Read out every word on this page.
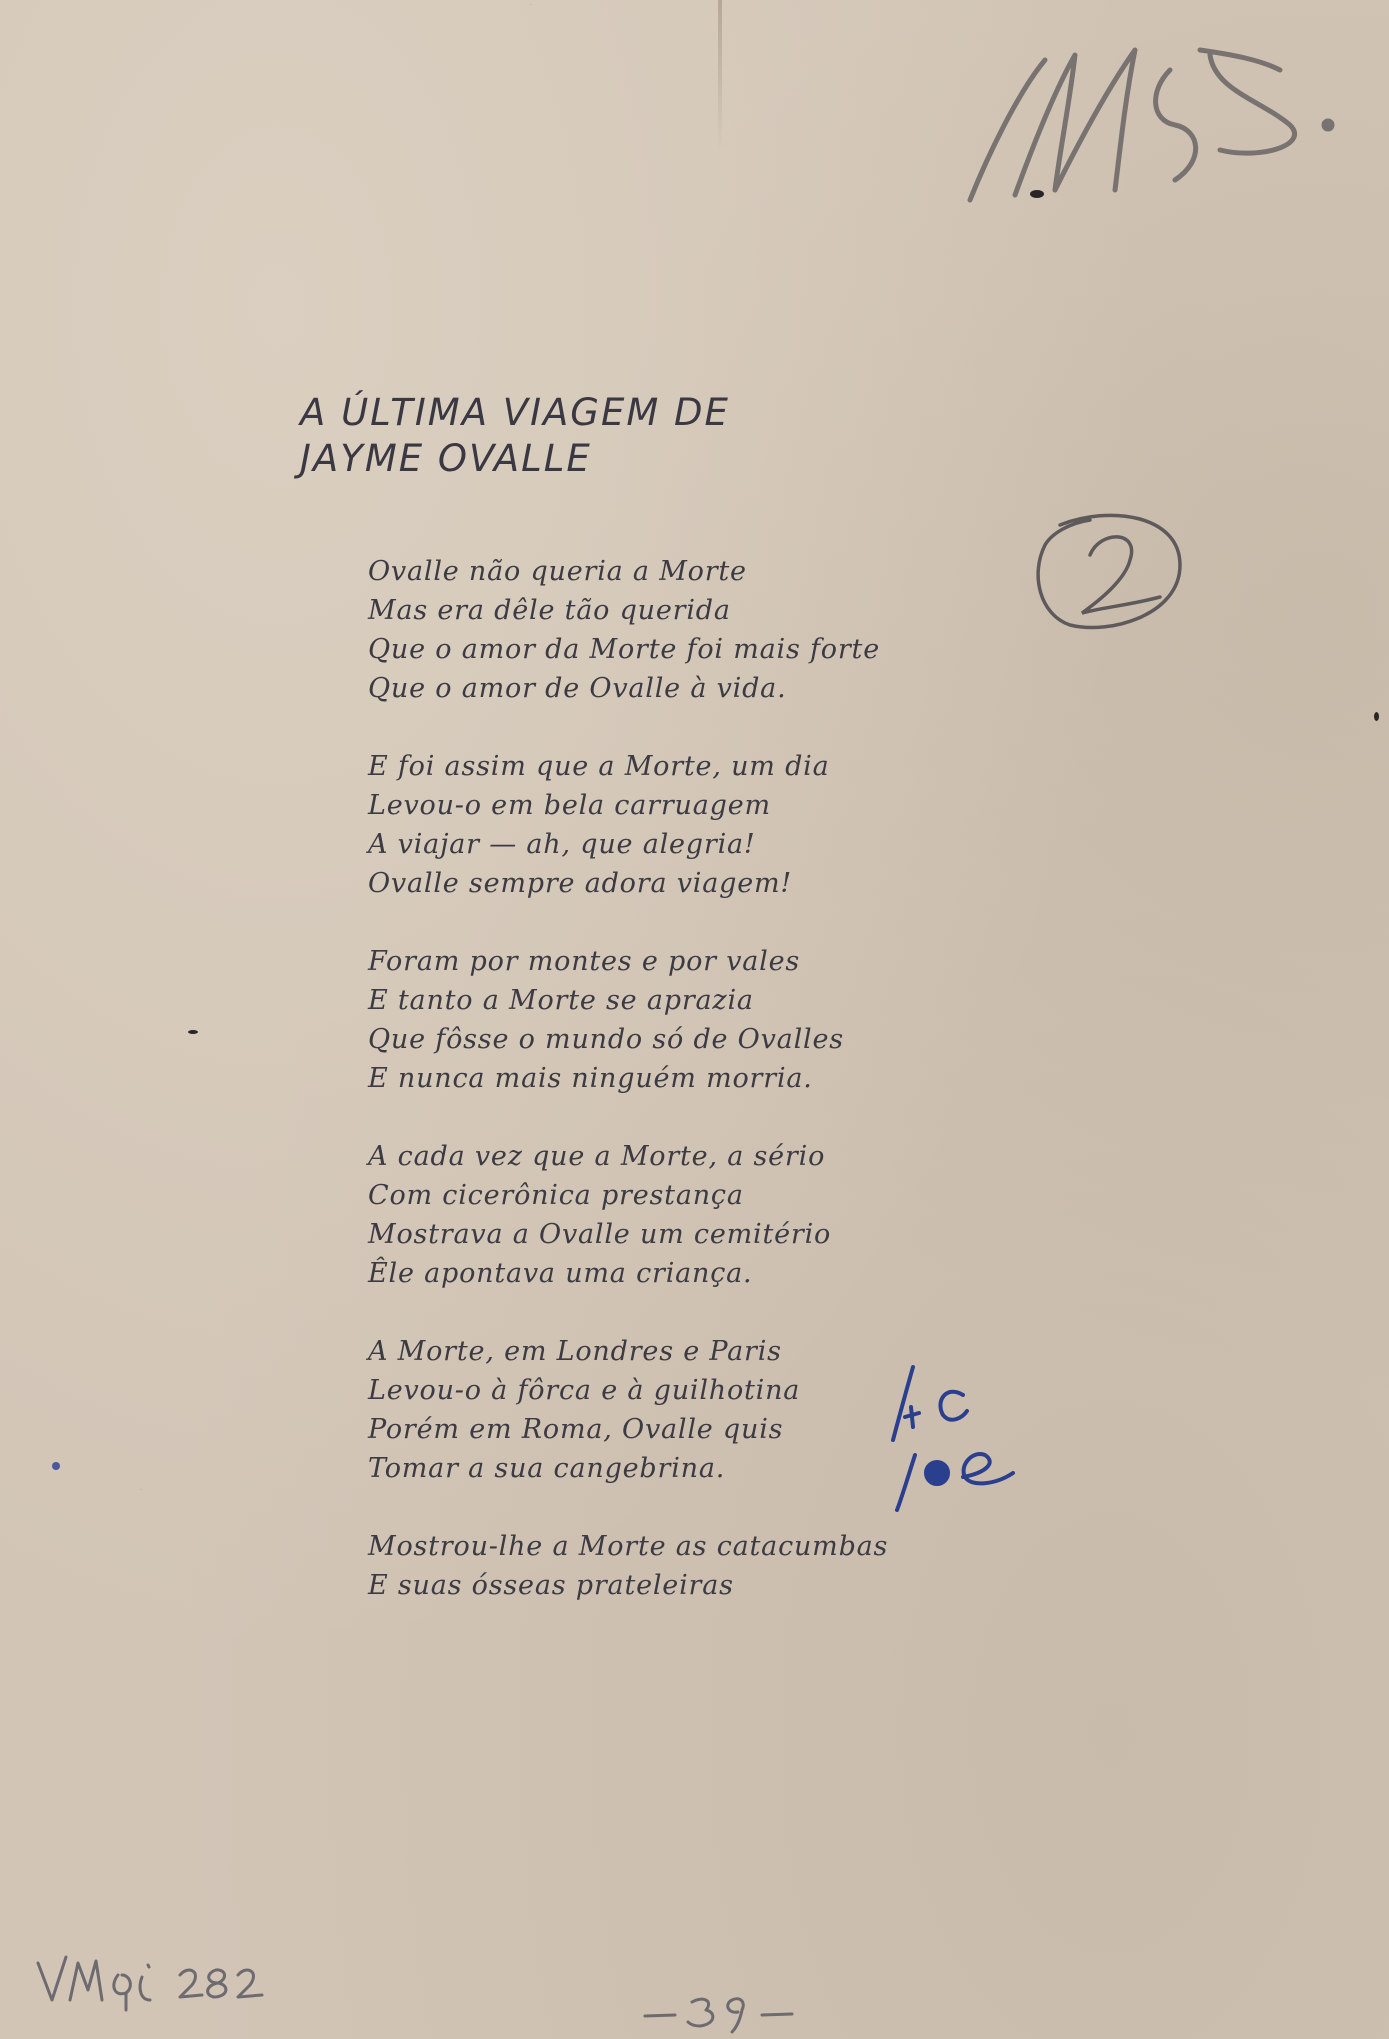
2
A ÚLTIMA VIAGEM DE
JAYME OVALLE
Ovalle não queria a Morte
Mas era dêle tão querida
Que o amor da Morte foi mais forte
Que o amor de Ovalle à vida.
E foi assim que a Morte, um dia
Levou-o em bela carruagem
A viajar — ah, que alegria!
Ovalle sempre adora viagem!
Foram por montes e por vales
E tanto a Morte se aprazia
Que fôsse o mundo só de Ovalles
E nunca mais ninguém morria.
A cada vez que a Morte, a sério
Com cicerônica prestança
Mostrava a Ovalle um cemitério
Êle apontava uma criança.
A Morte, em Londres e Paris
Levou-o à fôrca e à guilhotina
Porém em Roma, Ovalle quis
Tomar a sua cangebrina.
Mostrou-lhe a Morte as catacumbas
E suas ósseas prateleiras
-39-
